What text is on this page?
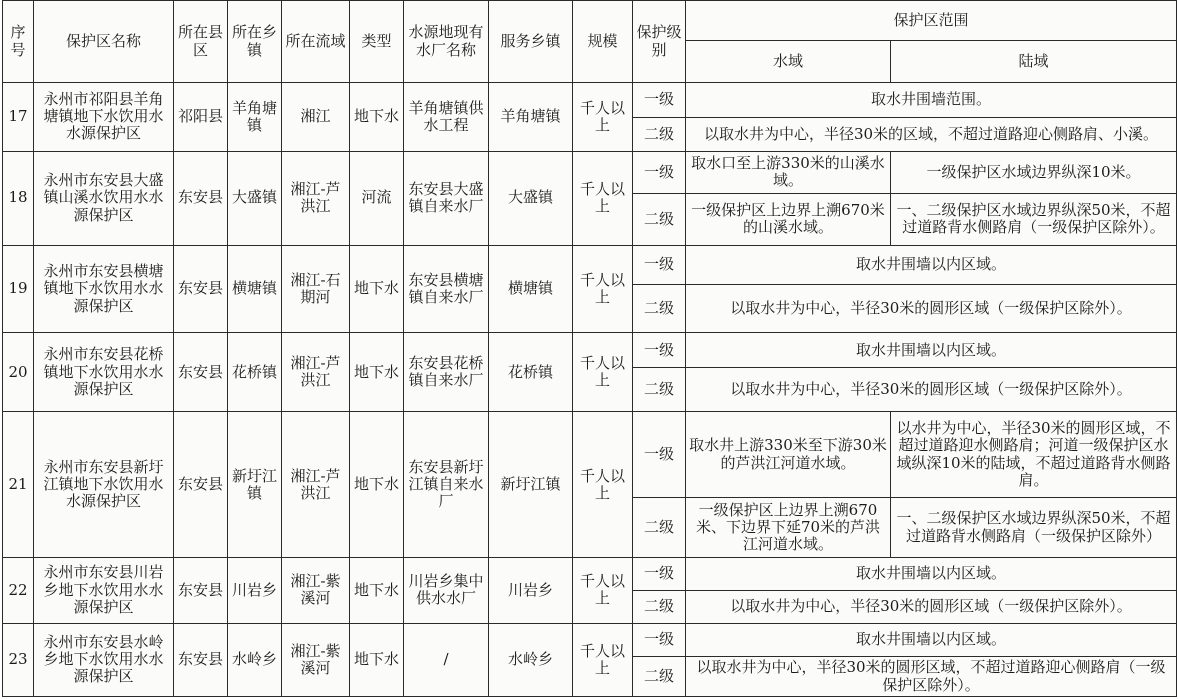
序号	保护区名称	所在县区	所在乡镇	所在流域	类型	水源地现有水厂名称	服务乡镇	规模	保护级别	保护区范围	
										水域	陆域
17	永州市祁阳县羊角塘镇地下水饮用水水源保护区	祁阳县	羊角塘镇	湘江	地下水	羊角塘镇供水工程	羊角塘镇	千人以上	一级	取水井围墙范围。	
									二级	以取水井为中心，半径30米的区域，不超过道路迎心侧路肩、小溪。	
18	永州市东安县大盛镇山溪水饮用水水源保护区	东安县	大盛镇	湘江-芦洪江	河流	东安县大盛镇自来水厂	大盛镇	千人以上	一级	取水口至上游330米的山溪水域。	一级保护区水域边界纵深10米。
									二级	一级保护区上边界上溯670米的山溪水域。	一、二级保护区水域边界纵深50米，不超过道路背水侧路肩（一级保护区除外）。
19	永州市东安县横塘镇地下水饮用水水源保护区	东安县	横塘镇	湘江-石期河	地下水	东安县横塘镇自来水厂	横塘镇	千人以上	一级	取水井围墙以内区域。	
									二级	以取水井为中心，半径30米的圆形区域（一级保护区除外）。	
20	永州市东安县花桥镇地下水饮用水水源保护区	东安县	花桥镇	湘江-芦洪江	地下水	东安县花桥镇自来水厂	花桥镇	千人以上	一级	取水井围墙以内区域。	
									二级	以取水井为中心，半径30米的圆形区域（一级保护区除外）。	
21	永州市东安县新圩江镇地下水饮用水水源保护区	东安县	新圩江镇	湘江-芦洪江	地下水	东安县新圩江镇自来水厂	新圩江镇	千人以上	一级	取水井上游330米至下游30米的芦洪江河道水域。	以水井为中心，半径30米的圆形区域，不超过道路迎水侧路肩；河道一级保护区水域纵深10米的陆域，不超过道路背水侧路肩。
									二级	一级保护区上边界上溯670米、下边界下延70米的芦洪江河道水域。	一、二级保护区水域边界纵深50米，不超过道路背水侧路肩（一级保护区除外）
22	永州市东安县川岩乡地下水饮用水水源保护区	东安县	川岩乡	湘江-紫溪河	地下水	川岩乡集中供水水厂	川岩乡	千人以上	一级	取水井围墙以内区域。	
									二级	以取水井为中心，半径30米的圆形区域（一级保护区除外）。	
23	永州市东安县水岭乡地下水饮用水水源保护区	东安县	水岭乡	湘江-紫溪河	地下水	/	水岭乡	千人以上	一级	取水井围墙以内区域。	
									二级	以取水井为中心，半径30米的圆形区域，不超过道路迎心侧路肩（一级保护区除外）。	
